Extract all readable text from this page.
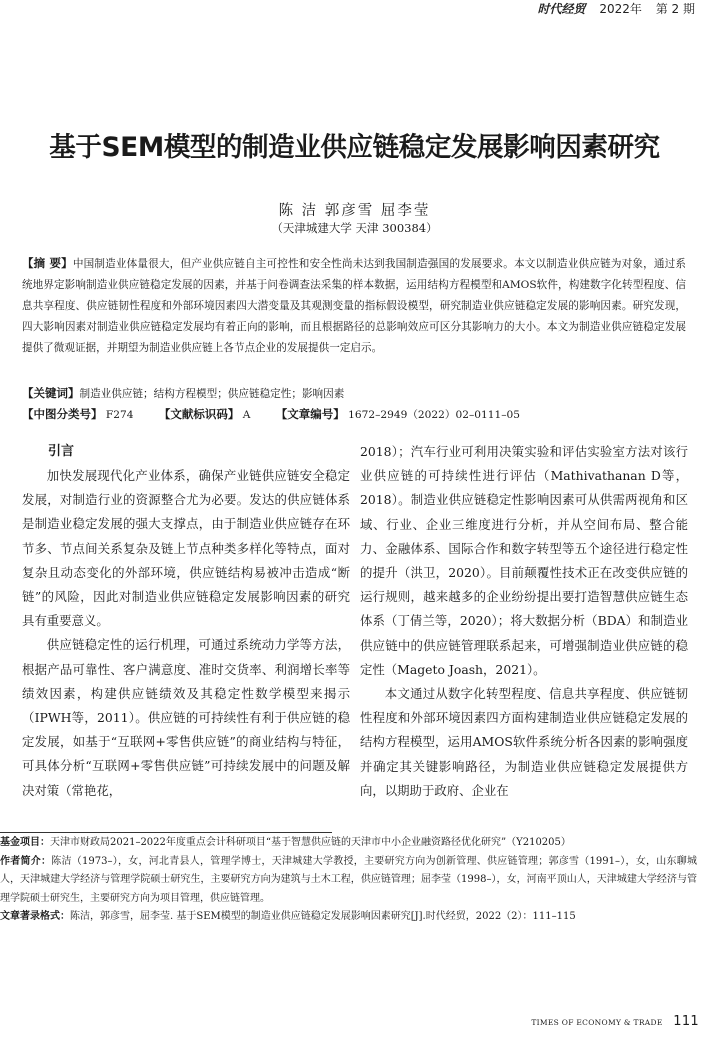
时代经贸 2022年 第 2 期
基于SEM模型的制造业供应链稳定发展影响因素研究
陈 洁 郭彦雪 屈李莹
（天津城建大学 天津 300384）
【摘 要】中国制造业体量很大，但产业供应链自主可控性和安全性尚未达到我国制造强国的发展要求。本文以制造业供应链为对象，通过系统地界定影响制造业供应链稳定发展的因素，并基于问卷调查法采集的样本数据，运用结构方程模型和AMOS软件，构建数字化转型程度、信息共享程度、供应链韧性程度和外部环境因素四大潜变量及其观测变量的指标假设模型，研究制造业供应链稳定发展的影响因素。研究发现，四大影响因素对制造业供应链稳定发展均有着正向的影响，而且根据路径的总影响效应可区分其影响力的大小。本文为制造业供应链稳定发展提供了微观证据，并期望为制造业供应链上各节点企业的发展提供一定启示。
【关键词】制造业供应链；结构方程模型；供应链稳定性；影响因素
【中图分类号】 F274 【文献标识码】 A 【文章编号】 1672–2949（2022）02–0111–05

引言

加快发展现代化产业体系，确保产业链供应链安全稳定发展，对制造行业的资源整合尤为必要。发达的供应链体系是制造业稳定发展的强大支撑点，由于制造业供应链存在环节多、节点间关系复杂及链上节点种类多样化等特点，面对复杂且动态变化的外部环境，供应链结构易被冲击造成“断链”的风险，因此对制造业供应链稳定发展影响因素的研究具有重要意义。

供应链稳定性的运行机理，可通过系统动力学等方法，根据产品可靠性、客户满意度、准时交货率、利润增长率等绩效因素，构建供应链绩效及其稳定性数学模型来揭示（IPWH等，2011）。供应链的可持续性有利于供应链的稳定发展，如基于“互联网+零售供应链”的商业结构与特征，可具体分析“互联网+零售供应链”可持续发展中的问题及解决对策（常艳花，

2018）；汽车行业可利用决策实验和评估实验室方法对该行业供应链的可持续性进行评估（Mathivathanan D等，2018）。制造业供应链稳定性影响因素可从供需两视角和区域、行业、企业三维度进行分析，并从空间布局、整合能力、金融体系、国际合作和数字转型等五个途径进行稳定性的提升（洪卫，2020）。目前颠覆性技术正在改变供应链的运行规则，越来越多的企业纷纷提出要打造智慧供应链生态体系（丁倩兰等，2020）；将大数据分析（BDA）和制造业供应链中的供应链管理联系起来，可增强制造业供应链的稳定性（Mageto Joash，2021）。

本文通过从数字化转型程度、信息共享程度、供应链韧性程度和外部环境因素四方面构建制造业供应链稳定发展的结构方程模型，运用AMOS软件系统分析各因素的影响强度并确定其关键影响路径，为制造业供应链稳定发展提供方向，以期助于政府、企业在

基金项目：天津市财政局2021–2022年度重点会计科研项目“基于智慧供应链的天津市中小企业融资路径优化研究”（Y210205）
作者简介：陈洁（1973–），女，河北青县人，管理学博士，天津城建大学教授，主要研究方向为创新管理、供应链管理；郭彦雪（1991–），女，山东聊城人，天津城建大学经济与管理学院硕士研究生，主要研究方向为建筑与土木工程，供应链管理；屈李莹（1998–），女，河南平顶山人，天津城建大学经济与管理学院硕士研究生，主要研究方向为项目管理，供应链管理。
文章著录格式：陈洁，郭彦雪，屈李莹. 基于SEM模型的制造业供应链稳定发展影响因素研究[J].时代经贸，2022（2）：111–115
TIMES OF ECONOMY & TRADE 111
